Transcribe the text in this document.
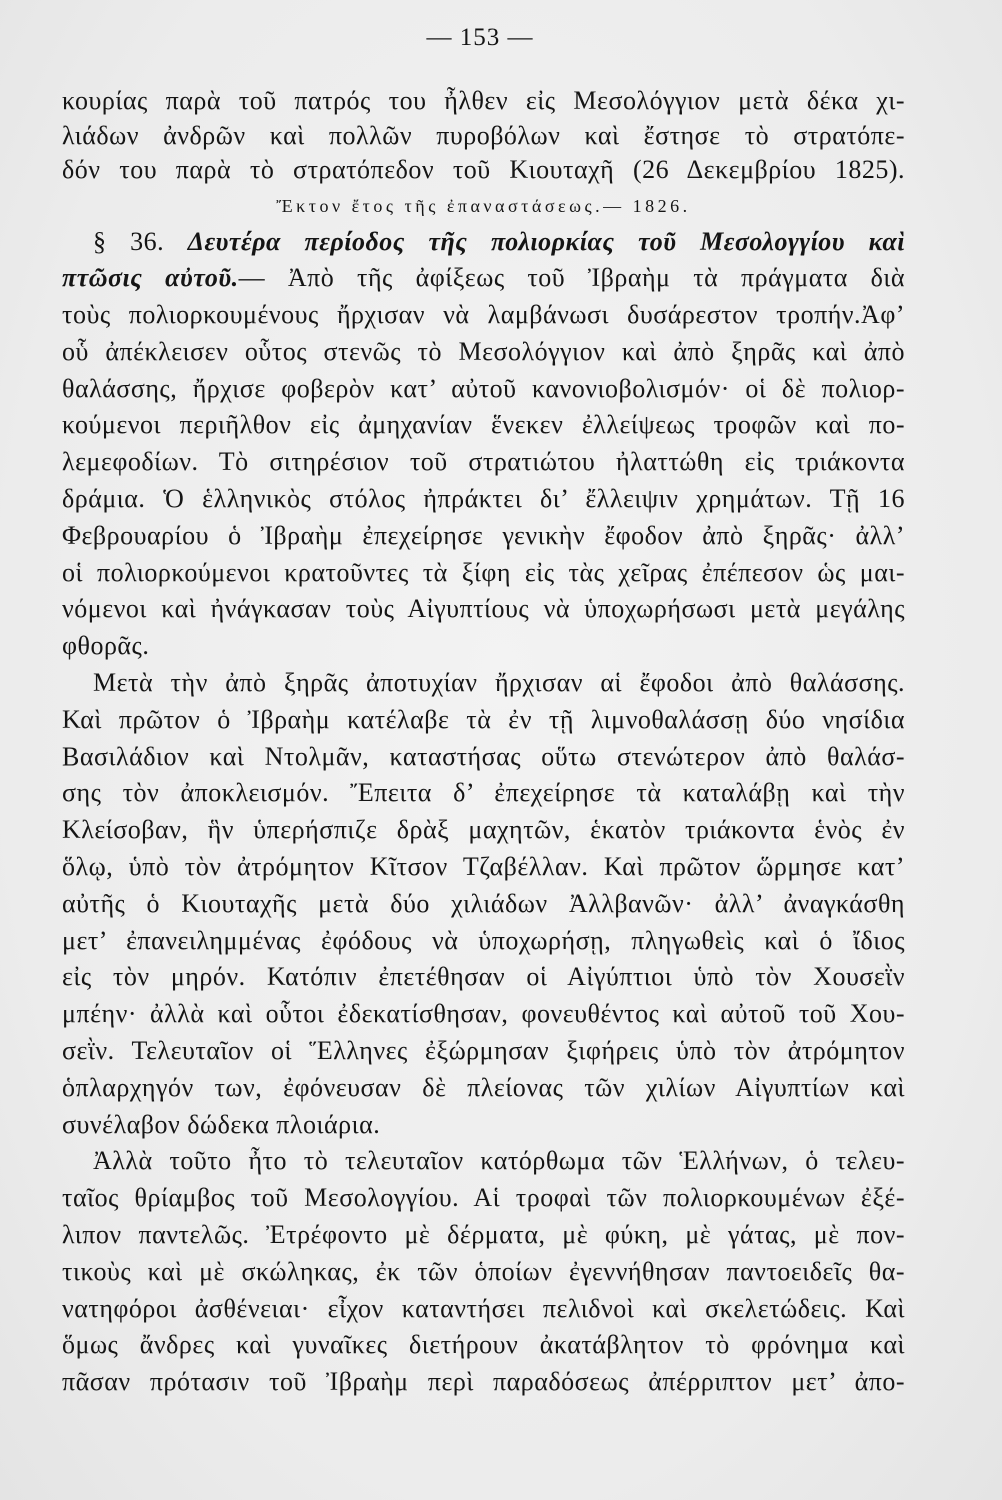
— 153 —
κουρίας παρὰ τοῦ πατρός του ἦλθεν εἰς Μεσολόγγιον μετὰ δέκα χι-
λιάδων ἀνδρῶν καὶ πολλῶν πυροβόλων καὶ ἔστησε τὸ στρατόπε-
δόν του παρὰ τὸ στρατόπεδον τοῦ Κιουταχῆ (26 Δεκεμβρίου 1825).
Ἔκτον ἔτος τῆς ἐπαναστάσεως.— 1826.
§ 36. Δευτέρα περίοδος τῆς πολιορκίας τοῦ Μεσολογγίου καὶ
πτῶσις αὐτοῦ.— Ἀπὸ τῆς ἀφίξεως τοῦ Ἰβραὴμ τὰ πράγματα διὰ
τοὺς πολιορκουμένους ἤρχισαν νὰ λαμβάνωσι δυσάρεστον τροπήν.Ἀφ’
οὗ ἀπέκλεισεν οὗτος στενῶς τὸ Μεσολόγγιον καὶ ἀπὸ ξηρᾶς καὶ ἀπὸ
θαλάσσης, ἤρχισε φοβερὸν κατ’ αὐτοῦ κανονιοβολισμόν· οἱ δὲ πολιορ-
κούμενοι περιῆλθον εἰς ἀμηχανίαν ἕνεκεν ἐλλείψεως τροφῶν καὶ πο-
λεμεφοδίων. Τὸ σιτηρέσιον τοῦ στρατιώτου ἠλαττώθη εἰς τριάκοντα
δράμια. Ὁ ἑλληνικὸς στόλος ἠπράκτει δι’ ἔλλειψιν χρημάτων. Τῇ 16
Φεβρουαρίου ὁ Ἰβραὴμ ἐπεχείρησε γενικὴν ἔφοδον ἀπὸ ξηρᾶς· ἀλλ’
οἱ πολιορκούμενοι κρατοῦντες τὰ ξίφη εἰς τὰς χεῖρας ἐπέπεσον ὡς μαι-
νόμενοι καὶ ἠνάγκασαν τοὺς Αἰγυπτίους νὰ ὑποχωρήσωσι μετὰ μεγάλης
φθορᾶς.
Μετὰ τὴν ἀπὸ ξηρᾶς ἀποτυχίαν ἤρχισαν αἱ ἔφοδοι ἀπὸ θαλάσσης.
Καὶ πρῶτον ὁ Ἰβραὴμ κατέλαβε τὰ ἐν τῇ λιμνοθαλάσσῃ δύο νησίδια
Βασιλάδιον καὶ Ντολμᾶν, καταστήσας οὕτω στενώτερον ἀπὸ θαλάσ-
σης τὸν ἀποκλεισμόν. Ἔπειτα δ’ ἐπεχείρησε τὰ καταλάβῃ καὶ τὴν
Κλείσοβαν, ἣν ὑπερήσπιζε δρὰξ μαχητῶν, ἑκατὸν τριάκοντα ἑνὸς ἐν
ὅλῳ, ὑπὸ τὸν ἀτρόμητον Κῖτσον Τζαβέλλαν. Καὶ πρῶτον ὥρμησε κατ’
αὐτῆς ὁ Κιουταχῆς μετὰ δύο χιλιάδων Ἀλλβανῶν· ἀλλ’ ἀναγκάσθη
μετ’ ἐπανειλημμένας ἐφόδους νὰ ὑποχωρήσῃ, πληγωθεὶς καὶ ὁ ἴδιος
εἰς τὸν μηρόν. Κατόπιν ἐπετέθησαν οἱ Αἰγύπτιοι ὑπὸ τὸν Χουσεῒν
μπέην· ἀλλὰ καὶ οὗτοι ἐδεκατίσθησαν, φονευθέντος καὶ αὐτοῦ τοῦ Χου-
σεῒν. Τελευταῖον οἱ Ἕλληνες ἐξώρμησαν ξιφήρεις ὑπὸ τὸν ἀτρόμητον
ὁπλαρχηγόν των, ἐφόνευσαν δὲ πλείονας τῶν χιλίων Αἰγυπτίων καὶ
συνέλαβον δώδεκα πλοιάρια.
Ἀλλὰ τοῦτο ἦτο τὸ τελευταῖον κατόρθωμα τῶν Ἑλλήνων, ὁ τελευ-
ταῖος θρίαμβος τοῦ Μεσολογγίου. Αἱ τροφαὶ τῶν πολιορκουμένων ἐξέ-
λιπον παντελῶς. Ἐτρέφοντο μὲ δέρματα, μὲ φύκη, μὲ γάτας, μὲ πον-
τικοὺς καὶ μὲ σκώληκας, ἐκ τῶν ὁποίων ἐγεννήθησαν παντοειδεῖς θα-
νατηφόροι ἀσθένειαι· εἶχον καταντήσει πελιδνοὶ καὶ σκελετώδεις. Καὶ
ὅμως ἄνδρες καὶ γυναῖκες διετήρουν ἀκατάβλητον τὸ φρόνημα καὶ
πᾶσαν πρότασιν τοῦ Ἰβραὴμ περὶ παραδόσεως ἀπέρριπτον μετ’ ἀπο-
